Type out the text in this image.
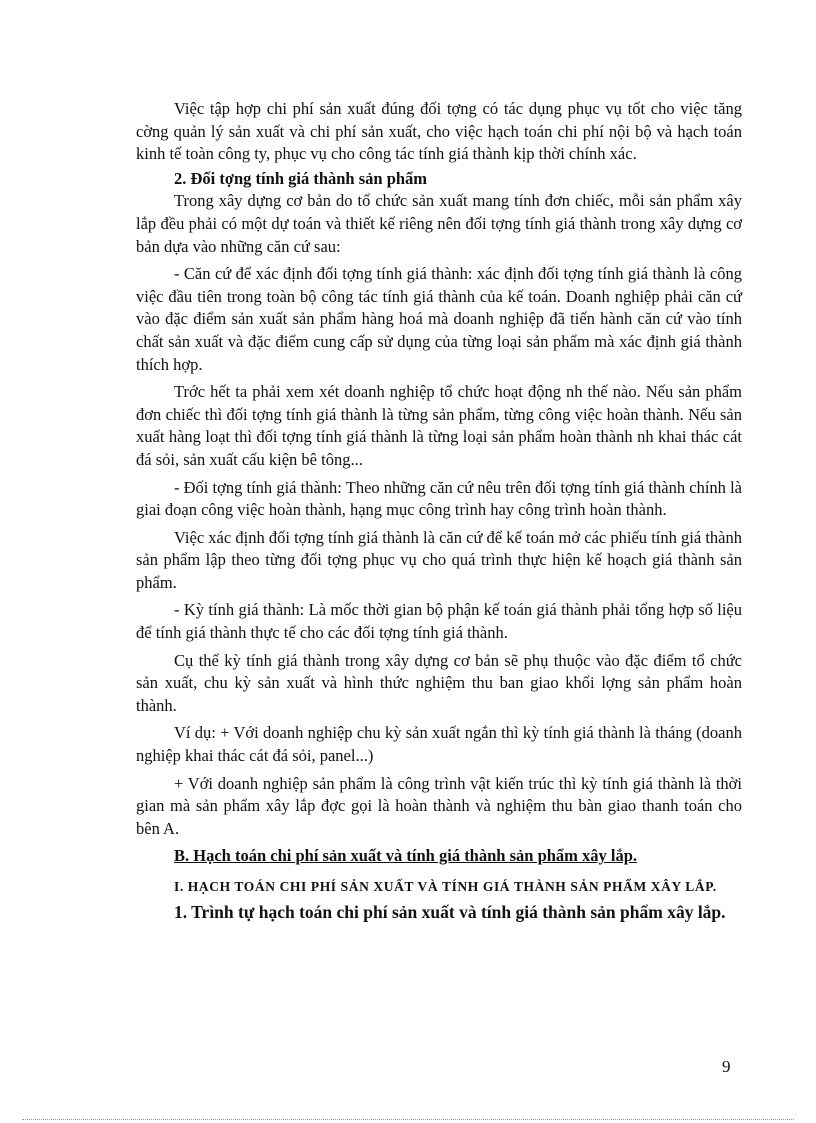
Việc tập hợp chi phí sản xuất đúng đối tợng có tác dụng phục vụ tốt cho việc tăng cờng quản lý sản xuất và chi phí sản xuất, cho việc hạch toán chi phí nội bộ và hạch toán kinh tế toàn công ty, phục vụ cho công tác tính giá thành kịp thời chính xác.

2. Đối tợng tính giá thành sản phẩm

Trong xây dựng cơ bản do tổ chức sản xuất mang tính đơn chiếc, mỗi sản phẩm xây lắp đều phải có một dự toán và thiết kế riêng nên đối tợng tính giá thành trong xây dựng cơ bản dựa vào những căn cứ sau:

- Căn cứ để xác định đối tợng tính giá thành: xác định đối tợng tính giá thành là công việc đầu tiên trong toàn bộ công tác tính giá thành của kế toán. Doanh nghiệp phải căn cứ vào đặc điểm sản xuất sản phẩm hàng hoá mà doanh nghiệp đã tiến hành căn cứ vào tính chất sản xuất và đặc điểm cung cấp sử dụng của từng loại sản phẩm mà xác định giá thành thích hợp.

Trớc hết ta phải xem xét doanh nghiệp tổ chức hoạt động nh thế nào. Nếu sản phẩm đơn chiếc thì đối tợng tính giá thành là từng sản phẩm, từng công việc hoàn thành. Nếu sản xuất hàng loạt thì đối tợng tính giá thành là từng loại sản phẩm hoàn thành nh khai thác cát đá sỏi, sản xuất cấu kiện bê tông...

- Đối tợng tính giá thành: Theo những căn cứ nêu trên đối tợng tính giá thành chính là giai đoạn công việc hoàn thành, hạng mục công trình hay công trình hoàn thành.

Việc xác định đối tợng tính giá thành là căn cứ để kế toán mở các phiếu tính giá thành sản phẩm lập theo từng đối tợng phục vụ cho quá trình thực hiện kế hoạch giá thành sản phẩm.

- Kỳ tính giá thành: Là mốc thời gian bộ phận kế toán giá thành phải tổng hợp số liệu để tính giá thành thực tế cho các đối tợng tính giá thành.

Cụ thể kỳ tính giá thành trong xây dựng cơ bản sẽ phụ thuộc vào đặc điểm tổ chức sản xuất, chu kỳ sản xuất và hình thức nghiệm thu ban giao khối lợng sản phẩm hoàn thành.

Ví dụ: + Với doanh nghiệp chu kỳ sản xuất ngắn thì kỳ tính giá thành là tháng (doanh nghiệp khai thác cát đá sỏi, panel...)

+ Với doanh nghiệp sản phẩm là công trình vật kiến trúc thì kỳ tính giá thành là thời gian mà sản phẩm xây lắp đợc gọi là hoàn thành và nghiệm thu bàn giao thanh toán cho bên A.

B. Hạch toán chi phí sản xuất và tính giá thành sản phẩm xây lắp.
I. HẠCH TOÁN CHI PHÍ SẢN XUẤT VÀ TÍNH GIÁ THÀNH SẢN PHẨM XÂY LẮP.
1. Trình tự hạch toán chi phí sản xuất và tính giá thành sản phẩm xây lắp.
9
